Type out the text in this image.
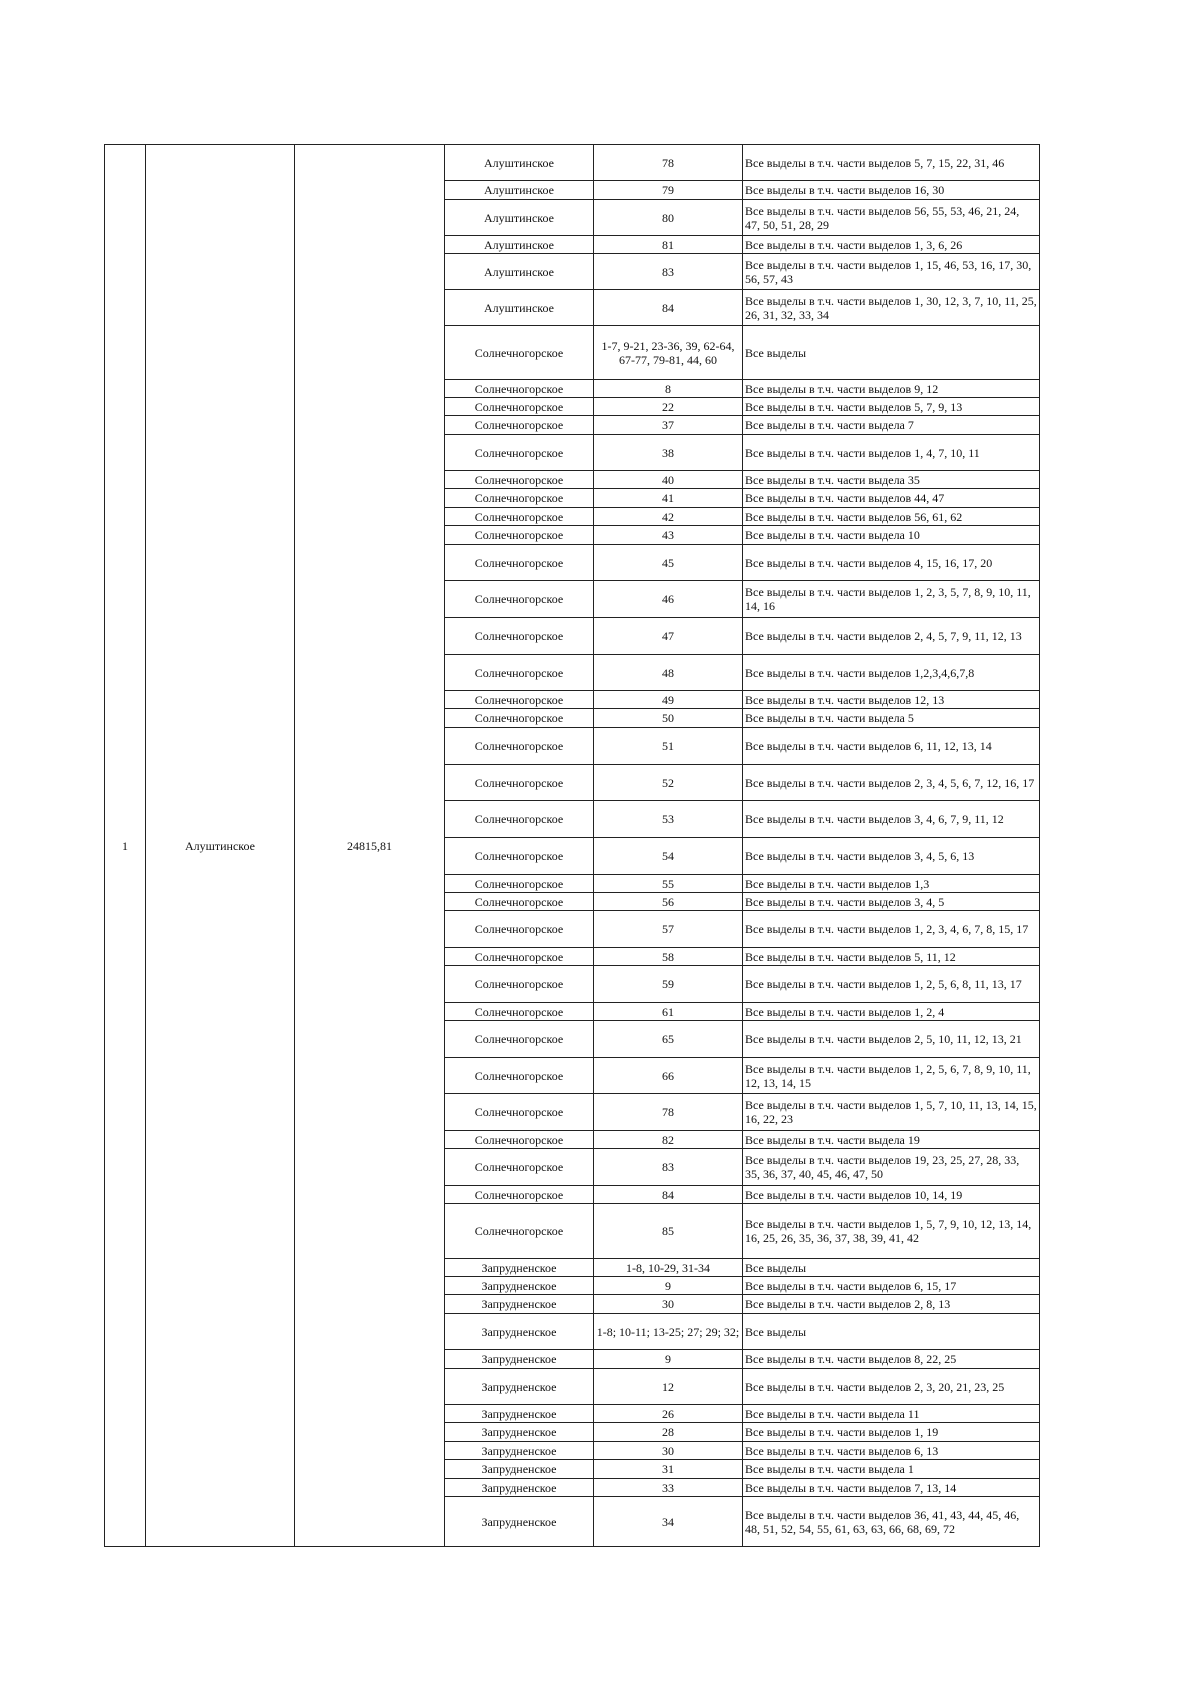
1	Алуштинское	24815,81	Алуштинское	78	Все выделы в т.ч. части выделов 5, 7, 15, 22, 31, 46
			Алуштинское	79	Все выделы в т.ч. части выделов 16, 30
			Алуштинское	80	Все выделы в т.ч. части выделов 56, 55, 53, 46, 21, 24, 47, 50, 51, 28, 29
			Алуштинское	81	Все выделы в т.ч. части выделов 1, 3, 6, 26
			Алуштинское	83	Все выделы в т.ч. части выделов 1, 15, 46, 53, 16, 17, 30, 56, 57, 43
			Алуштинское	84	Все выделы в т.ч. части выделов 1, 30, 12, 3, 7, 10, 11, 25, 26, 31, 32, 33, 34
			Солнечногорское	1-7, 9-21, 23-36, 39, 62-64, 67-77, 79-81, 44, 60	Все выделы
			Солнечногорское	8	Все выделы в т.ч. части выделов 9, 12
			Солнечногорское	22	Все выделы в т.ч. части выделов 5, 7, 9, 13
			Солнечногорское	37	Все выделы в т.ч. части выдела 7
			Солнечногорское	38	Все выделы в т.ч. части выделов 1, 4, 7, 10, 11
			Солнечногорское	40	Все выделы в т.ч. части выдела 35
			Солнечногорское	41	Все выделы в т.ч. части выделов 44, 47
			Солнечногорское	42	Все выделы в т.ч. части выделов 56, 61, 62
			Солнечногорское	43	Все выделы в т.ч. части выдела 10
			Солнечногорское	45	Все выделы в т.ч. части выделов 4, 15, 16, 17, 20
			Солнечногорское	46	Все выделы в т.ч. части выделов 1, 2, 3, 5, 7, 8, 9, 10, 11, 14, 16
			Солнечногорское	47	Все выделы в т.ч. части выделов 2, 4, 5, 7, 9, 11, 12, 13
			Солнечногорское	48	Все выделы в т.ч. части выделов 1,2,3,4,6,7,8
			Солнечногорское	49	Все выделы в т.ч. части выделов 12, 13
			Солнечногорское	50	Все выделы в т.ч. части выдела 5
			Солнечногорское	51	Все выделы в т.ч. части выделов 6, 11, 12, 13, 14
			Солнечногорское	52	Все выделы в т.ч. части выделов 2, 3, 4, 5, 6, 7, 12, 16, 17
			Солнечногорское	53	Все выделы в т.ч. части выделов 3, 4, 6, 7, 9, 11, 12
			Солнечногорское	54	Все выделы в т.ч. части выделов 3, 4, 5, 6, 13
			Солнечногорское	55	Все выделы в т.ч. части выделов 1,3
			Солнечногорское	56	Все выделы в т.ч. части выделов 3, 4, 5
			Солнечногорское	57	Все выделы в т.ч. части выделов 1, 2, 3, 4, 6, 7, 8, 15, 17
			Солнечногорское	58	Все выделы в т.ч. части выделов 5, 11, 12
			Солнечногорское	59	Все выделы в т.ч. части выделов 1, 2, 5, 6, 8, 11, 13, 17
			Солнечногорское	61	Все выделы в т.ч. части выделов 1, 2, 4
			Солнечногорское	65	Все выделы в т.ч. части выделов 2, 5, 10, 11, 12, 13, 21
			Солнечногорское	66	Все выделы в т.ч. части выделов 1, 2, 5, 6, 7, 8, 9, 10, 11, 12, 13, 14, 15
			Солнечногорское	78	Все выделы в т.ч. части выделов 1, 5, 7, 10, 11, 13, 14, 15, 16, 22, 23
			Солнечногорское	82	Все выделы в т.ч. части выдела 19
			Солнечногорское	83	Все выделы в т.ч. части выделов 19, 23, 25, 27, 28, 33, 35, 36, 37, 40, 45, 46, 47, 50
			Солнечногорское	84	Все выделы в т.ч. части выделов 10, 14, 19
			Солнечногорское	85	Все выделы в т.ч. части выделов 1, 5, 7, 9, 10, 12, 13, 14, 16, 25, 26, 35, 36, 37, 38, 39, 41, 42
			Запрудненское	1-8, 10-29, 31-34	Все выделы
			Запрудненское	9	Все выделы в т.ч. части выделов 6, 15, 17
			Запрудненское	30	Все выделы в т.ч. части выделов 2, 8, 13
			Запрудненское	1-8; 10-11; 13-25; 27; 29; 32;	Все выделы
			Запрудненское	9	Все выделы в т.ч. части выделов 8, 22, 25
			Запрудненское	12	Все выделы в т.ч. части выделов 2, 3, 20, 21, 23, 25
			Запрудненское	26	Все выделы в т.ч. части выдела 11
			Запрудненское	28	Все выделы в т.ч. части выделов 1, 19
			Запрудненское	30	Все выделы в т.ч. части выделов 6, 13
			Запрудненское	31	Все выделы в т.ч. части выдела 1
			Запрудненское	33	Все выделы в т.ч. части выделов 7, 13, 14
			Запрудненское	34	Все выделы в т.ч. части выделов 36, 41, 43, 44, 45, 46, 48, 51, 52, 54, 55, 61, 63, 63, 66, 68, 69, 72
